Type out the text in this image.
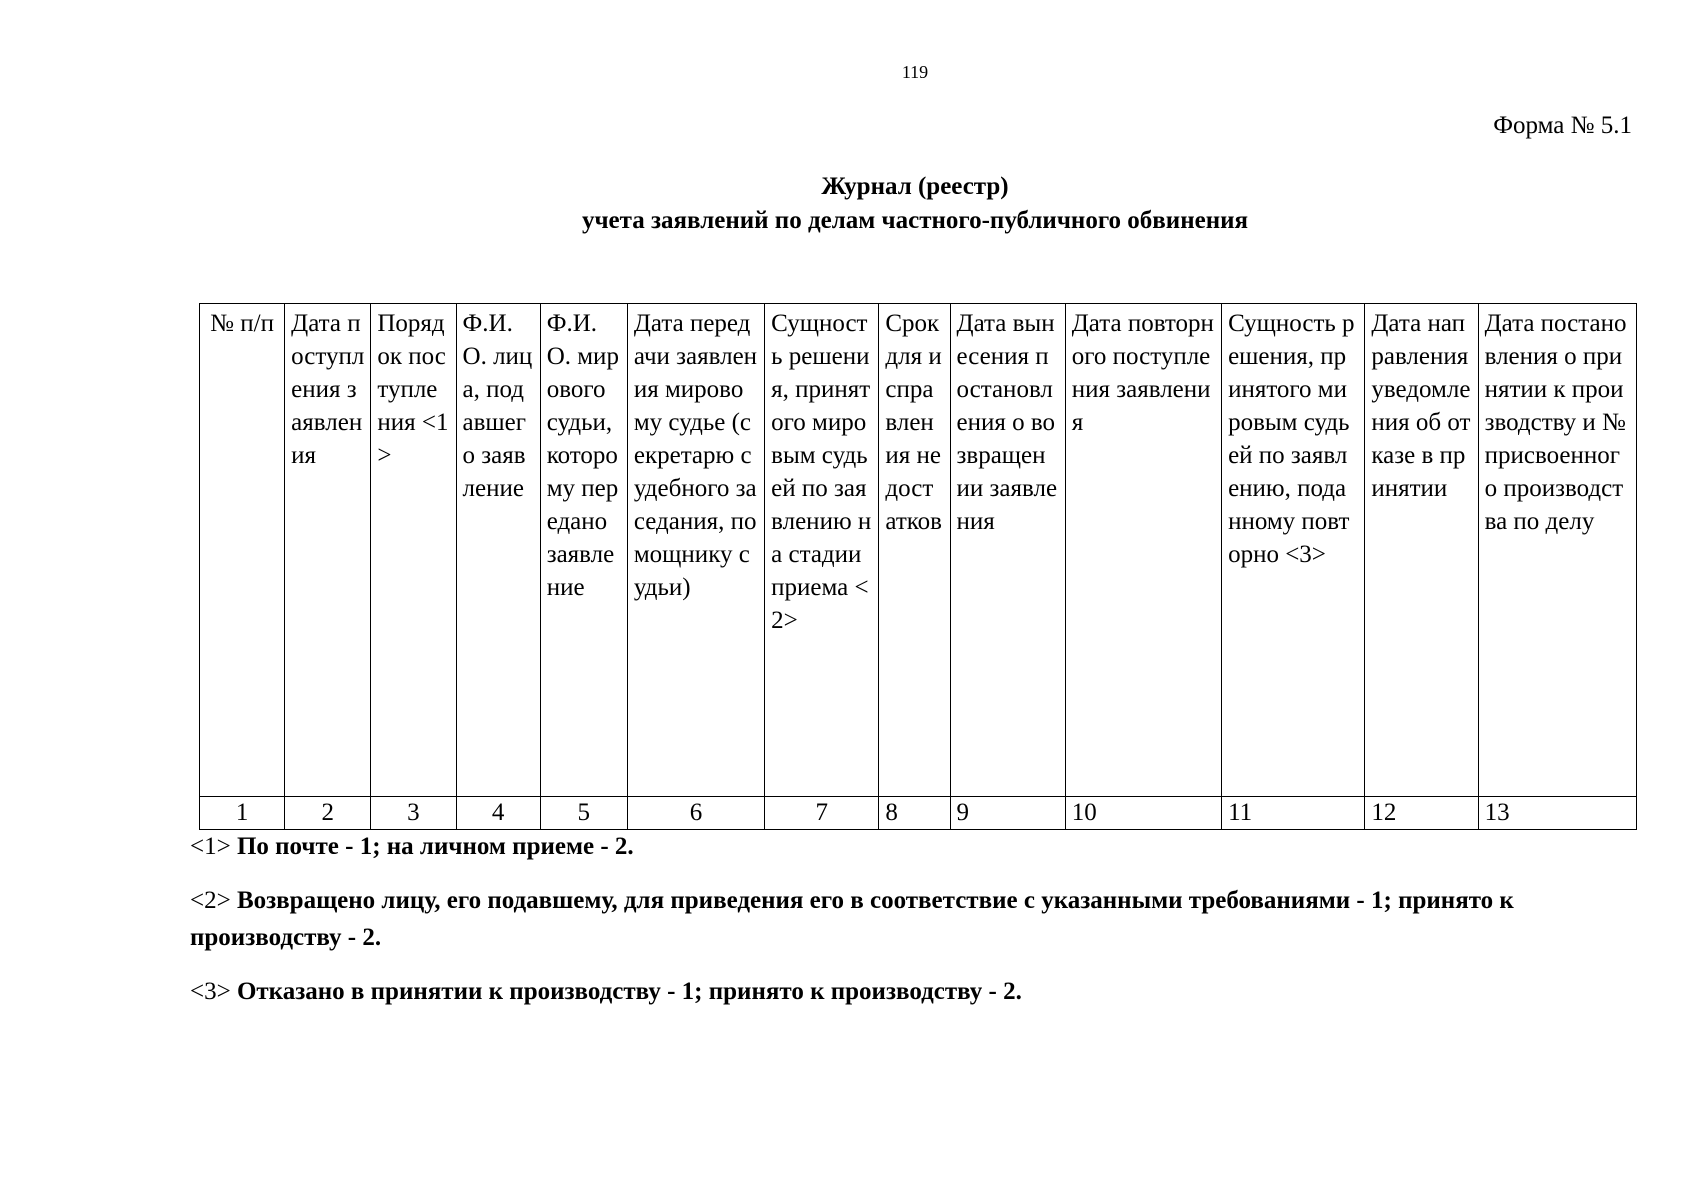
119
Форма № 5.1
Журнал (реестр)
учета заявлений по делам частного-публичного обвинения
№ п/п	Дата поступления заявления	Порядок поступления <1>	Ф.И.О. лица, подавшего заявление	Ф.И.О. мирового судьи, которому передано заявление	Дата передачи заявления мировому судье (секретарю судебного заседания, помощнику судьи)	Сущность решения, принятого мировым судьей по заявлению на стадии приема <2>	Срок для исправления недостатков	Дата вынесения постановления о возвращении заявления	Дата повторного поступления заявления	Сущность решения, принятого мировым судьей по заявлению, поданному повторно <3>	Дата направления уведомления об отказе в принятии	Дата постановления о принятии к производству и № присвоенного производства по делу
1	2	3	4	5	6	7	8	9	10	11	12	13
<1> По почте - 1; на личном приеме - 2.
<2> Возвращено лицу, его подавшему, для приведения его в соответствие с указанными требованиями - 1; принято к производству - 2.
<3> Отказано в принятии к производству - 1; принято к производству - 2.
